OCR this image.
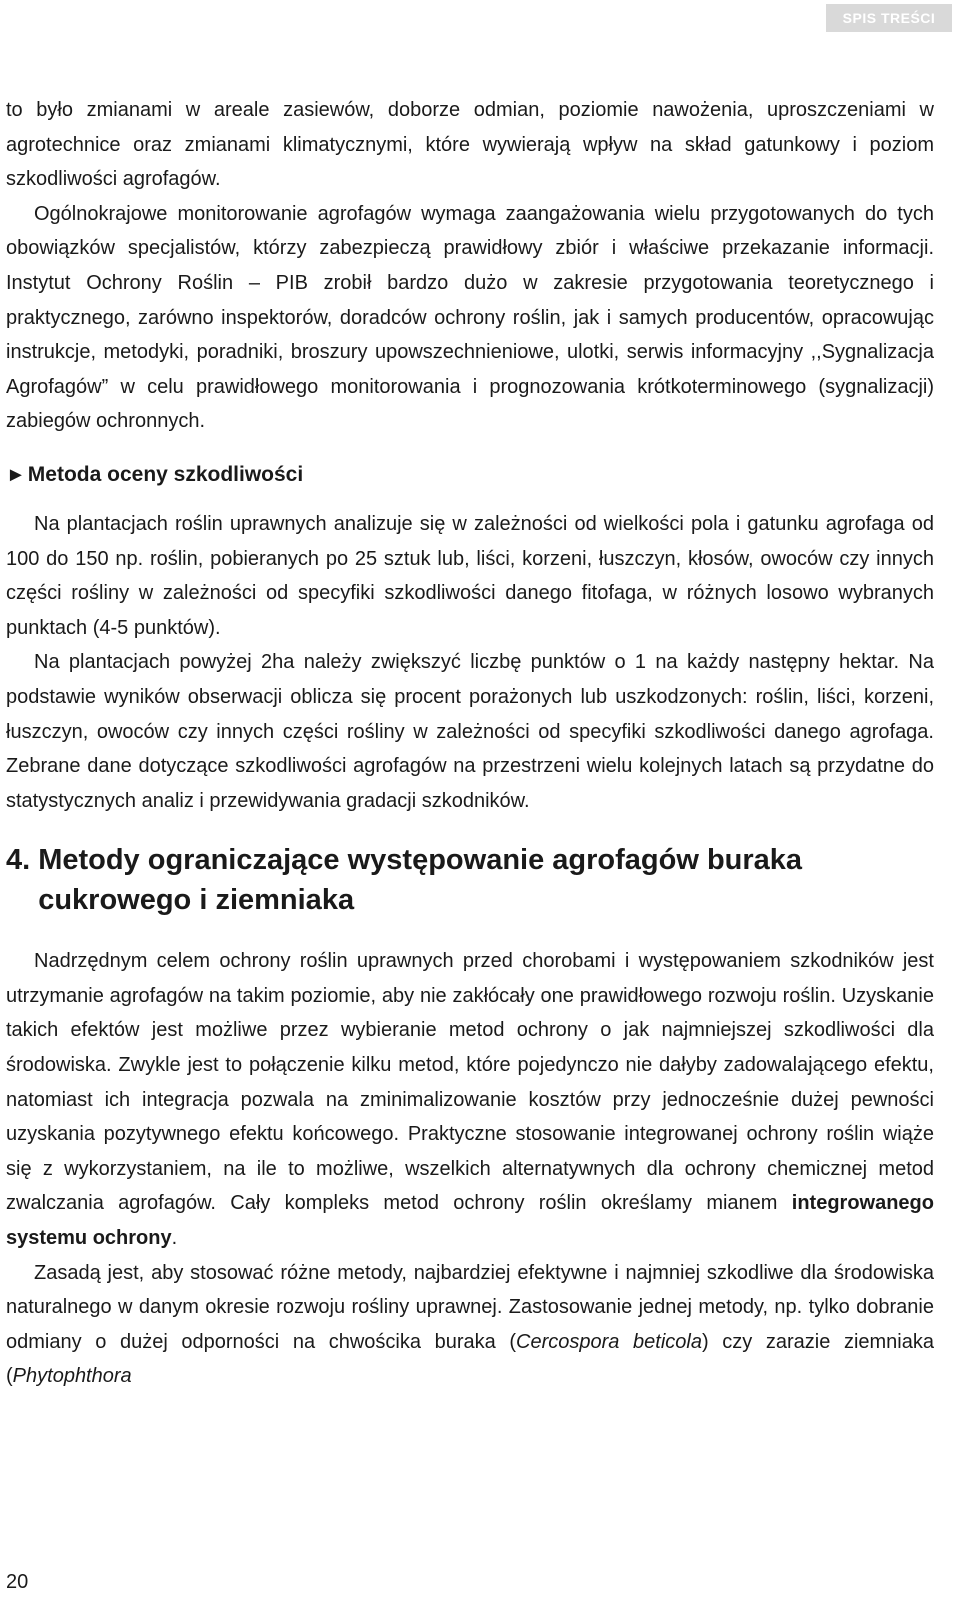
SPIS TREŚCI

to było zmianami w areale zasiewów, doborze odmian, poziomie nawożenia, uproszczeniami w agrotechnice oraz zmianami klimatycznymi, które wywierają wpływ na skład gatunkowy i poziom szkodliwości agrofagów.

Ogólnokrajowe monitorowanie agrofagów wymaga zaangażowania wielu przygotowanych do tych obowiązków specjalistów, którzy zabezpieczą prawidłowy zbiór i właściwe przekazanie informacji. Instytut Ochrony Roślin – PIB zrobił bardzo dużo w zakresie przygotowania teoretycznego i praktycznego, zarówno inspektorów, doradców ochrony roślin, jak i samych producentów, opracowując instrukcje, metodyki, poradniki, broszury upowszechnieniowe, ulotki, serwis informacyjny ,,Sygnalizacja Agrofagów” w celu prawidłowego monitorowania i prognozowania krótkoterminowego (sygnalizacji) zabiegów ochronnych.

► Metoda oceny szkodliwości

Na plantacjach roślin uprawnych analizuje się w zależności od wielkości pola i gatunku agrofaga od 100 do 150 np. roślin, pobieranych po 25 sztuk lub, liści, korzeni, łuszczyn, kłosów, owoców czy innych części rośliny w zależności od specyfiki szkodliwości danego fitofaga, w różnych losowo wybranych punktach (4-5 punktów).

Na plantacjach powyżej 2ha należy zwiększyć liczbę punktów o 1 na każdy następny hektar. Na podstawie wyników obserwacji oblicza się procent porażonych lub uszkodzonych: roślin, liści, korzeni, łuszczyn, owoców czy innych części rośliny w zależności od specyfiki szkodliwości danego agrofaga. Zebrane dane dotyczące szkodliwości agrofagów na przestrzeni wielu kolejnych latach są przydatne do statystycznych analiz i przewidywania gradacji szkodników.

4. Metody ograniczające występowanie agrofagów buraka
cukrowego i ziemniaka

Nadrzędnym celem ochrony roślin uprawnych przed chorobami i występowaniem szkodników jest utrzymanie agrofagów na takim poziomie, aby nie zakłócały one prawidłowego rozwoju roślin. Uzyskanie takich efektów jest możliwe przez wybieranie metod ochrony o jak najmniejszej szkodliwości dla środowiska. Zwykle jest to połączenie kilku metod, które pojedynczo nie dałyby zadowalającego efektu, natomiast ich integracja pozwala na zminimalizowanie kosztów przy jednocześnie dużej pewności uzyskania pozytywnego efektu końcowego. Praktyczne stosowanie integrowanej ochrony roślin wiąże się z wykorzystaniem, na ile to możliwe, wszelkich alternatywnych dla ochrony chemicznej metod zwalczania agrofagów. Cały kompleks metod ochrony roślin określamy mianem integrowanego systemu ochrony.

Zasadą jest, aby stosować różne metody, najbardziej efektywne i najmniej szkodliwe dla środowiska naturalnego w danym okresie rozwoju rośliny uprawnej. Zastosowanie jednej metody, np. tylko dobranie odmiany o dużej odporności na chwościka buraka (Cercospora beticola) czy zarazie ziemniaka (Phytophthora

20
